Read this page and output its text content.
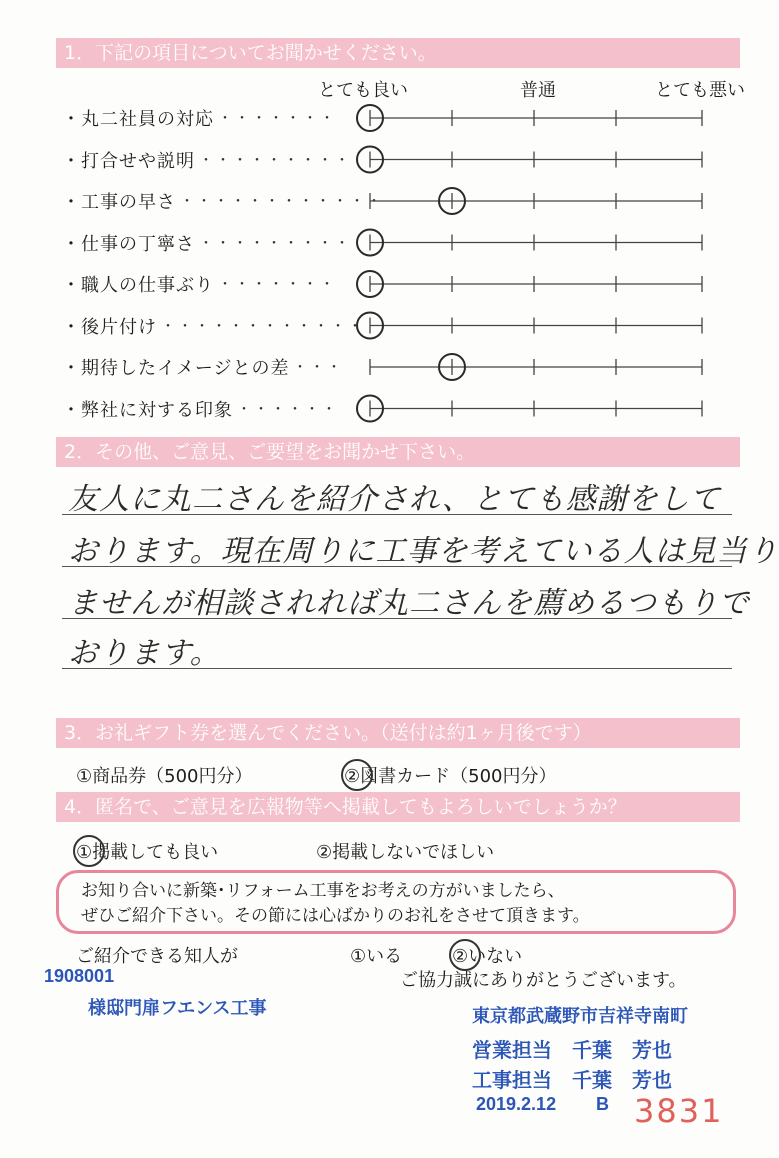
1．下記の項目についてお聞かせください。
とても良い	普通	とても悪い
・丸二社員の対応 ・・・・・・・
・打合せや説明 ・・・・・・・・・
・工事の早さ ・・・・・・・・・・・・
・仕事の丁寧さ ・・・・・・・・・
・職人の仕事ぶり ・・・・・・・
・後片付け ・・・・・・・・・・・・
・期待したイメージとの差 ・・・
・弊社に対する印象 ・・・・・・
2．その他、ご意見、ご要望をお聞かせ下さい。
友人に丸二さんを紹介され、とても感謝をして
おります。現在周りに工事を考えている人は見当り
ませんが相談されれば丸二さんを薦めるつもりで
おります。
3．お礼ギフト券を選んでください。（送付は約1ヶ月後です）
①商品券（500円分）	②図書カード（500円分）
4．匿名で、ご意見を広報物等へ掲載してもよろしいでしょうか？
①掲載しても良い	②掲載しないでほしい
お知り合いに新築･リフォーム工事をお考えの方がいましたら、
ぜひご紹介下さい。その節には心ばかりのお礼をさせて頂きます。
ご紹介できる知人が	①いる	②いない
ご協力誠にありがとうございます。
1908001
様邸門扉フエンス工事	東京都武蔵野市吉祥寺南町
営業担当　千葉　芳也
工事担当　千葉　芳也
2019.2.12 B 3831
